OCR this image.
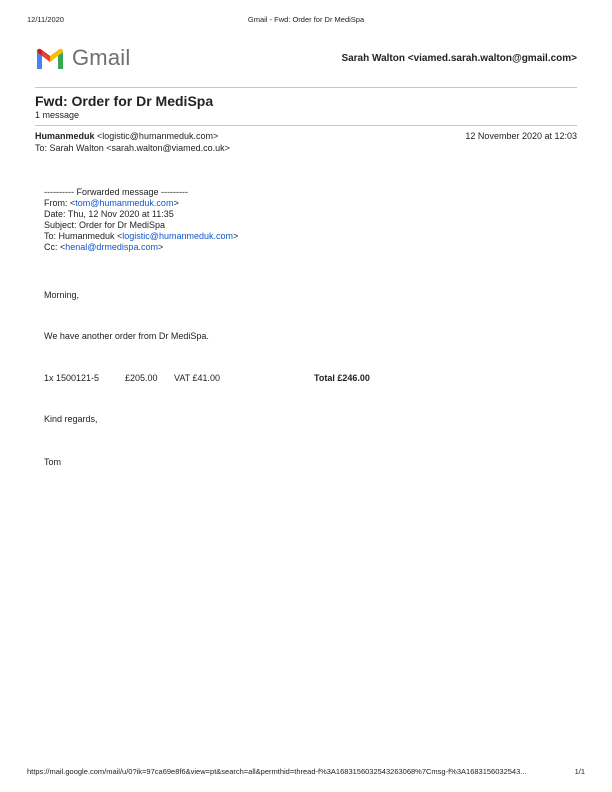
12/11/2020	Gmail - Fwd: Order for Dr MediSpa
Gmail	Sarah Walton <viamed.sarah.walton@gmail.com>
Fwd: Order for Dr MediSpa
1 message
Humanmeduk <logistic@humanmeduk.com>	12 November 2020 at 12:03
To: Sarah Walton <sarah.walton@viamed.co.uk>
---------- Forwarded message ---------
From: <tom@humanmeduk.com>
Date: Thu, 12 Nov 2020 at 11:35
Subject: Order for Dr MediSpa
To: Humanmeduk <logistic@humanmeduk.com>
Cc: <henal@drmedispa.com>
Morning,
We have another order from Dr MediSpa.
1x 1500121-5	£205.00 VAT £41.00	Total £246.00
Kind regards,
Tom
https://mail.google.com/mail/u/0?ik=97ca69e8f6&view=pt&search=all&permthid=thread-f%3A1683156032543263068%7Cmsg-f%3A1683156032543...	1/1
